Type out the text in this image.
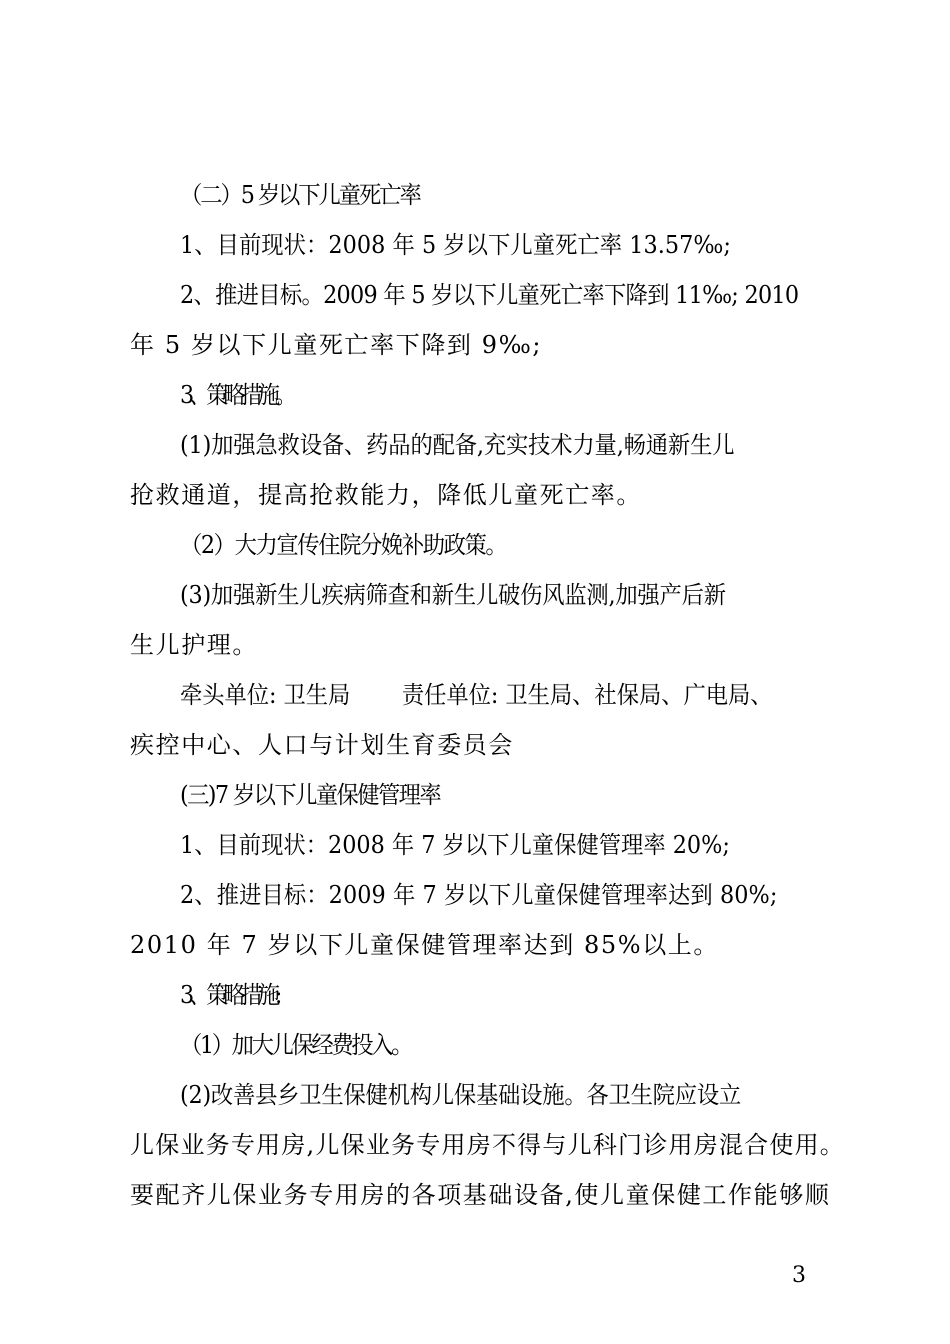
（二）5 岁以下儿童死亡率
1、目前现状：2008 年 5 岁以下儿童死亡率 13.57‰;
2、推进目标。2009 年 5 岁以下儿童死亡率下降到 11‰; 2010
年 5 岁以下儿童死亡率下降到 9‰;
3、策略措施。
(1)加强急救设备、药品的配备,充实技术力量,畅通新生儿
抢救通道，提高抢救能力，降低儿童死亡率。
（2）大力宣传住院分娩补助政策。
(3)加强新生儿疾病筛查和新生儿破伤风监测,加强产后新
生儿护理。
牵头单位: 卫生局　　 责任单位: 卫生局、社保局、广电局、
疾控中心、人口与计划生育委员会
(三)7 岁以下儿童保健管理率
1、目前现状：2008 年 7 岁以下儿童保健管理率 20%;
2、推进目标：2009 年 7 岁以下儿童保健管理率达到 80%;
2010 年 7 岁以下儿童保健管理率达到 85%以上。
3、策略措施:
（1）加大儿保经费投入。
(2)改善县乡卫生保健机构儿保基础设施。各卫生院应设立
儿保业务专用房,儿保业务专用房不得与儿科门诊用房混合使用。
要配齐儿保业务专用房的各项基础设备,使儿童保健工作能够顺
3
